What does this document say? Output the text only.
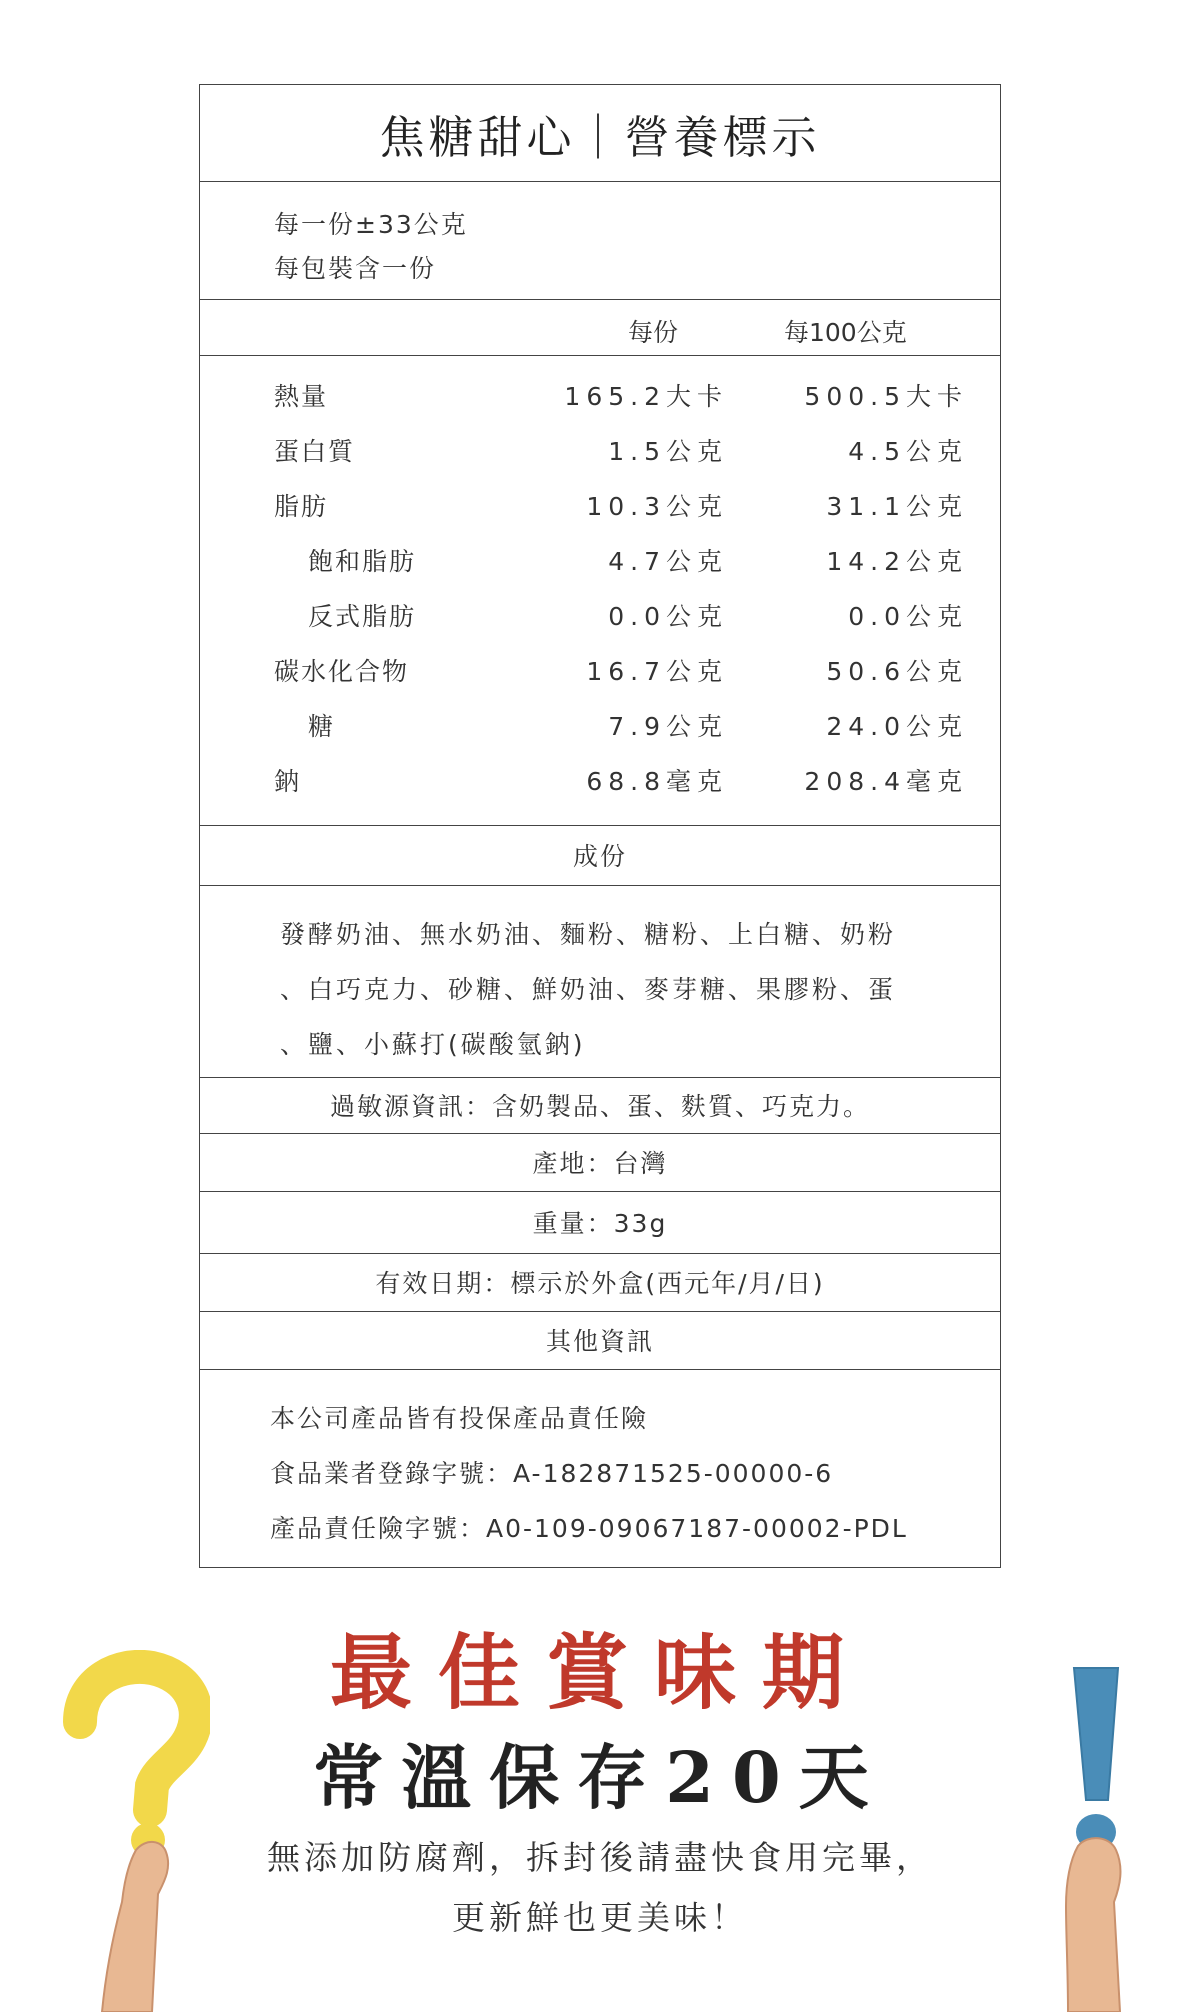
焦糖甜心｜營養標示
每一份±33公克
每包裝含一份
每份	每100公克
熱量	165.2大卡	500.5大卡
蛋白質	1.5公克	4.5公克
脂肪	10.3公克	31.1公克
飽和脂肪	4.7公克	14.2公克
反式脂肪	0.0公克	0.0公克
碳水化合物	16.7公克	50.6公克
糖	7.9公克	24.0公克
鈉	68.8毫克	208.4毫克
成份
發酵奶油、無水奶油、麵粉、糖粉、上白糖、奶粉
、白巧克力、砂糖、鮮奶油、麥芽糖、果膠粉、蛋
、鹽、小蘇打(碳酸氫鈉)
過敏源資訊：含奶製品、蛋、麩質、巧克力。
產地：台灣
重量：33g
有效日期：標示於外盒(西元年/月/日)
其他資訊
本公司產品皆有投保產品責任險
食品業者登錄字號：A-182871525-00000-6
產品責任險字號：A0-109-09067187-00002-PDL
最佳賞味期
常溫保存20天
無添加防腐劑，拆封後請盡快食用完畢，
更新鮮也更美味！
